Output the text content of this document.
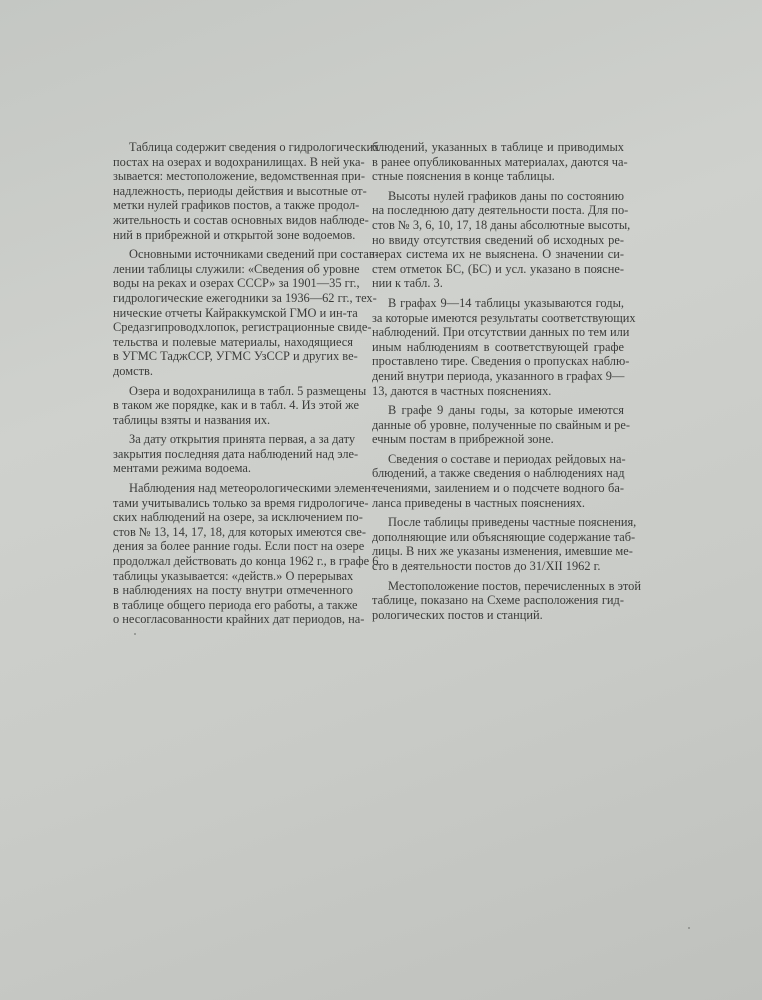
Таблица содержит сведения о гидрологических
постах на озерах и водохранилищах. В ней ука-
зывается: местоположение, ведомственная при-
надлежность, периоды действия и высотные от-
метки нулей графиков постов, а также продол-
жительность и состав основных видов наблюде-
ний в прибрежной и открытой зоне водоемов.
Основными источниками сведений при состав-
лении таблицы служили: «Сведения об уровне
воды на реках и озерах СССР» за 1901—35 гг.,
гидрологические ежегодники за 1936—62 гг., тех-
нические отчеты Кайраккумской ГМО и ин-та
Средазгипроводхлопок, регистрационные свиде-
тельства и полевые материалы, находящиеся
в УГМС ТаджССР, УГМС УзССР и других ве-
домств.
Озера и водохранилища в табл. 5 размещены
в таком же порядке, как и в табл. 4. Из этой же
таблицы взяты и названия их.
За дату открытия принята первая, а за дату
закрытия последняя дата наблюдений над эле-
ментами режима водоема.
Наблюдения над метеорологическими элемен-
тами учитывались только за время гидрологиче-
ских наблюдений на озере, за исключением по-
стов № 13, 14, 17, 18, для которых имеются све-
дения за более ранние годы. Если пост на озере
продолжал действовать до конца 1962 г., в графе 6
таблицы указывается: «действ.» О перерывах
в наблюдениях на посту внутри отмеченного
в таблице общего периода его работы, а также
о несогласованности крайних дат периодов, на-
блюдений, указанных в таблице и приводимых
в ранее опубликованных материалах, даются ча-
стные пояснения в конце таблицы.
Высоты нулей графиков даны по состоянию
на последнюю дату деятельности поста. Для по-
стов № 3, 6, 10, 17, 18 даны абсолютные высоты,
но ввиду отсутствия сведений об исходных ре-
перах система их не выяснена. О значении си-
стем отметок БС, (БС) и усл. указано в поясне-
нии к табл. 3.
В графах 9—14 таблицы указываются годы,
за которые имеются результаты соответствующих
наблюдений. При отсутствии данных по тем или
иным наблюдениям в соответствующей графе
проставлено тире. Сведения о пропусках наблю-
дений внутри периода, указанного в графах 9—
13, даются в частных пояснениях.
В графе 9 даны годы, за которые имеются
данные об уровне, полученные по свайным и ре-
ечным постам в прибрежной зоне.
Сведения о составе и периодах рейдовых на-
блюдений, а также сведения о наблюдениях над
течениями, заилением и о подсчете водного ба-
ланса приведены в частных пояснениях.
После таблицы приведены частные пояснения,
дополняющие или объясняющие содержание таб-
лицы. В них же указаны изменения, имевшие ме-
сто в деятельности постов до 31/XII 1962 г.
Местоположение постов, перечисленных в этой
таблице, показано на Схеме расположения гид-
рологических постов и станций.
